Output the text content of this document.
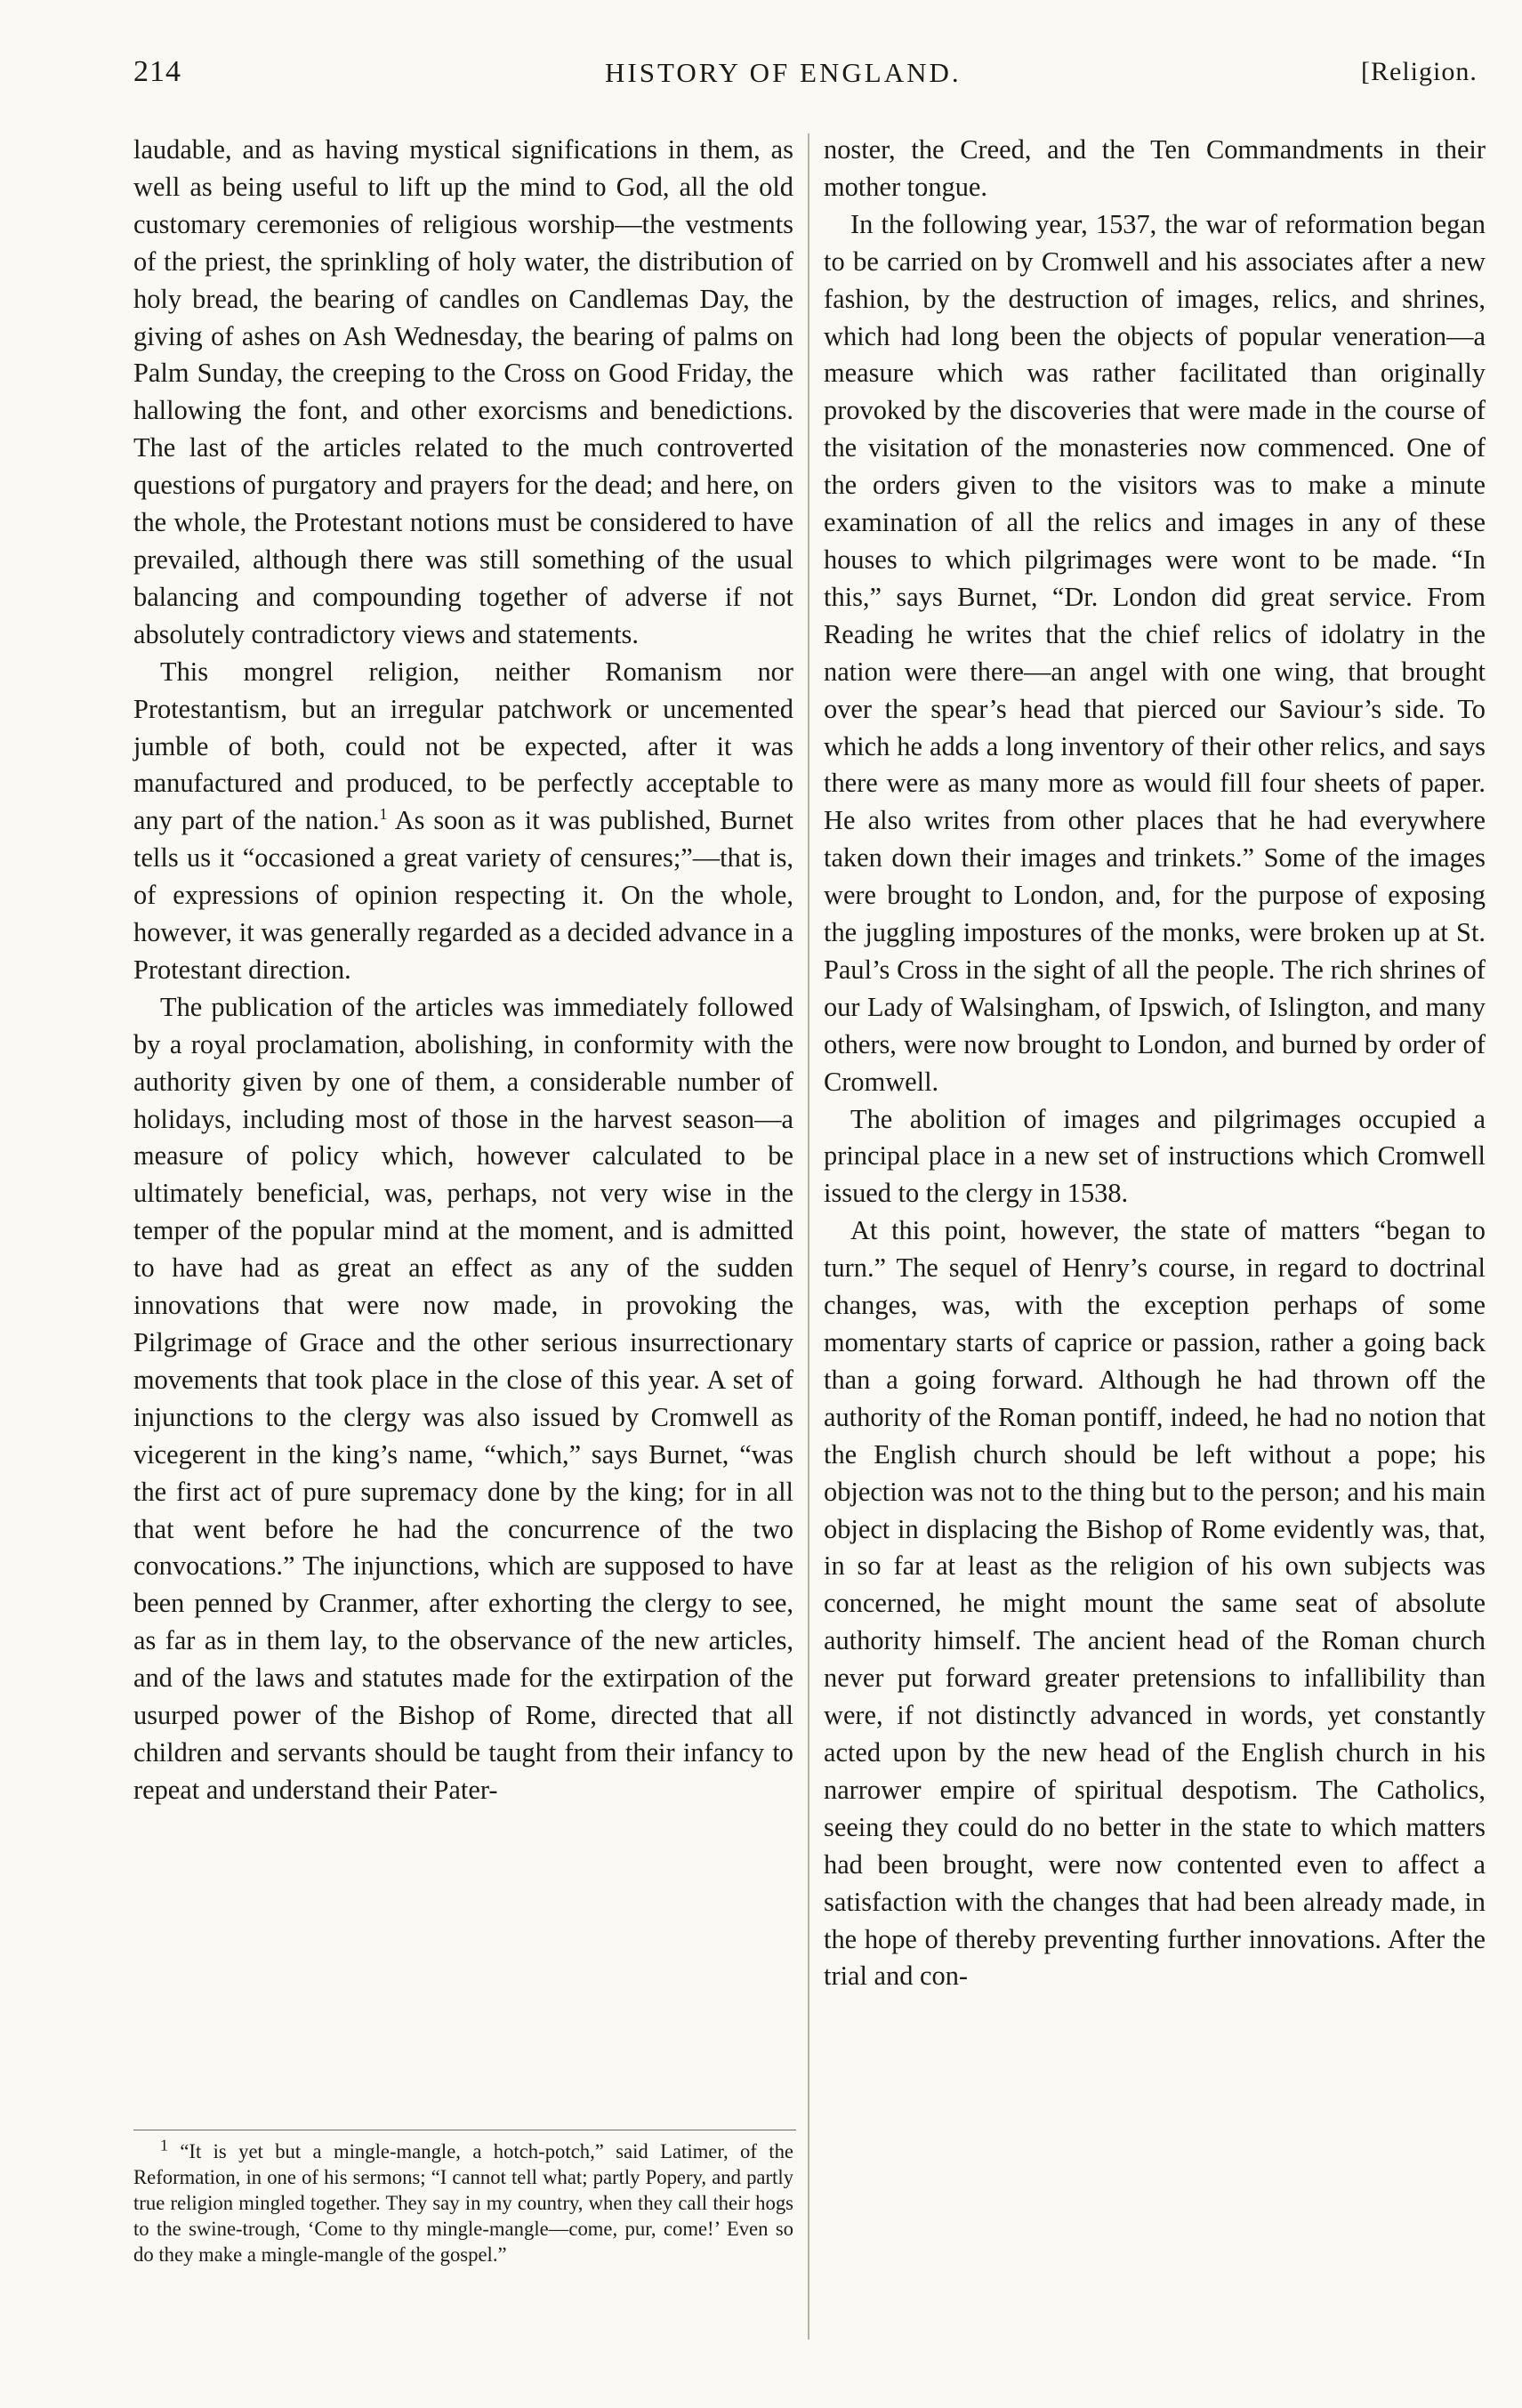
214	HISTORY OF ENGLAND.	[Religion.

laudable, and as having mystical significations in them, as well as being useful to lift up the mind to God, all the old customary ceremonies of religious worship—the vestments of the priest, the sprinkling of holy water, the distribution of holy bread, the bearing of candles on Candlemas Day, the giving of ashes on Ash Wednesday, the bearing of palms on Palm Sunday, the creeping to the Cross on Good Friday, the hallowing the font, and other exorcisms and benedictions. The last of the articles related to the much controverted questions of purgatory and prayers for the dead; and here, on the whole, the Protestant notions must be considered to have prevailed, although there was still something of the usual balancing and compounding together of adverse if not absolutely contradictory views and statements.

This mongrel religion, neither Romanism nor Protestantism, but an irregular patchwork or uncemented jumble of both, could not be expected, after it was manufactured and produced, to be perfectly acceptable to any part of the nation.$^1$ As soon as it was published, Burnet tells us it “occasioned a great variety of censures;”—that is, of expressions of opinion respecting it. On the whole, however, it was generally regarded as a decided advance in a Protestant direction.

The publication of the articles was immediately followed by a royal proclamation, abolishing, in conformity with the authority given by one of them, a considerable number of holidays, including most of those in the harvest season—a measure of policy which, however calculated to be ultimately beneficial, was, perhaps, not very wise in the temper of the popular mind at the moment, and is admitted to have had as great an effect as any of the sudden innovations that were now made, in provoking the Pilgrimage of Grace and the other serious insurrectionary movements that took place in the close of this year. A set of injunctions to the clergy was also issued by Cromwell as vicegerent in the king’s name, “which,” says Burnet, “was the first act of pure supremacy done by the king; for in all that went before he had the concurrence of the two convocations.” The injunctions, which are supposed to have been penned by Cranmer, after exhorting the clergy to see, as far as in them lay, to the observance of the new articles, and of the laws and statutes made for the extirpation of the usurped power of the Bishop of Rome, directed that all children and servants should be taught from their infancy to repeat and understand their Pater-

$^1$ “It is yet but a mingle-mangle, a hotch-potch,” said Latimer, of the Reformation, in one of his sermons; “I cannot tell what; partly Popery, and partly true religion mingled together. They say in my country, when they call their hogs to the swine-trough, ‘Come to thy mingle-mangle—come, pur, come!’ Even so do they make a mingle-mangle of the gospel.”

noster, the Creed, and the Ten Commandments in their mother tongue.

In the following year, 1537, the war of reformation began to be carried on by Cromwell and his associates after a new fashion, by the destruction of images, relics, and shrines, which had long been the objects of popular veneration—a measure which was rather facilitated than originally provoked by the discoveries that were made in the course of the visitation of the monasteries now commenced. One of the orders given to the visitors was to make a minute examination of all the relics and images in any of these houses to which pilgrimages were wont to be made. “In this,” says Burnet, “Dr. London did great service. From Reading he writes that the chief relics of idolatry in the nation were there—an angel with one wing, that brought over the spear’s head that pierced our Saviour’s side. To which he adds a long inventory of their other relics, and says there were as many more as would fill four sheets of paper. He also writes from other places that he had everywhere taken down their images and trinkets.” Some of the images were brought to London, and, for the purpose of exposing the juggling impostures of the monks, were broken up at St. Paul’s Cross in the sight of all the people. The rich shrines of our Lady of Walsingham, of Ipswich, of Islington, and many others, were now brought to London, and burned by order of Cromwell.

The abolition of images and pilgrimages occupied a principal place in a new set of instructions which Cromwell issued to the clergy in 1538.

At this point, however, the state of matters “began to turn.” The sequel of Henry’s course, in regard to doctrinal changes, was, with the exception perhaps of some momentary starts of caprice or passion, rather a going back than a going forward. Although he had thrown off the authority of the Roman pontiff, indeed, he had no notion that the English church should be left without a pope; his objection was not to the thing but to the person; and his main object in displacing the Bishop of Rome evidently was, that, in so far at least as the religion of his own subjects was concerned, he might mount the same seat of absolute authority himself. The ancient head of the Roman church never put forward greater pretensions to infallibility than were, if not distinctly advanced in words, yet constantly acted upon by the new head of the English church in his narrower empire of spiritual despotism. The Catholics, seeing they could do no better in the state to which matters had been brought, were now contented even to affect a satisfaction with the changes that had been already made, in the hope of thereby preventing further innovations. After the trial and con-
